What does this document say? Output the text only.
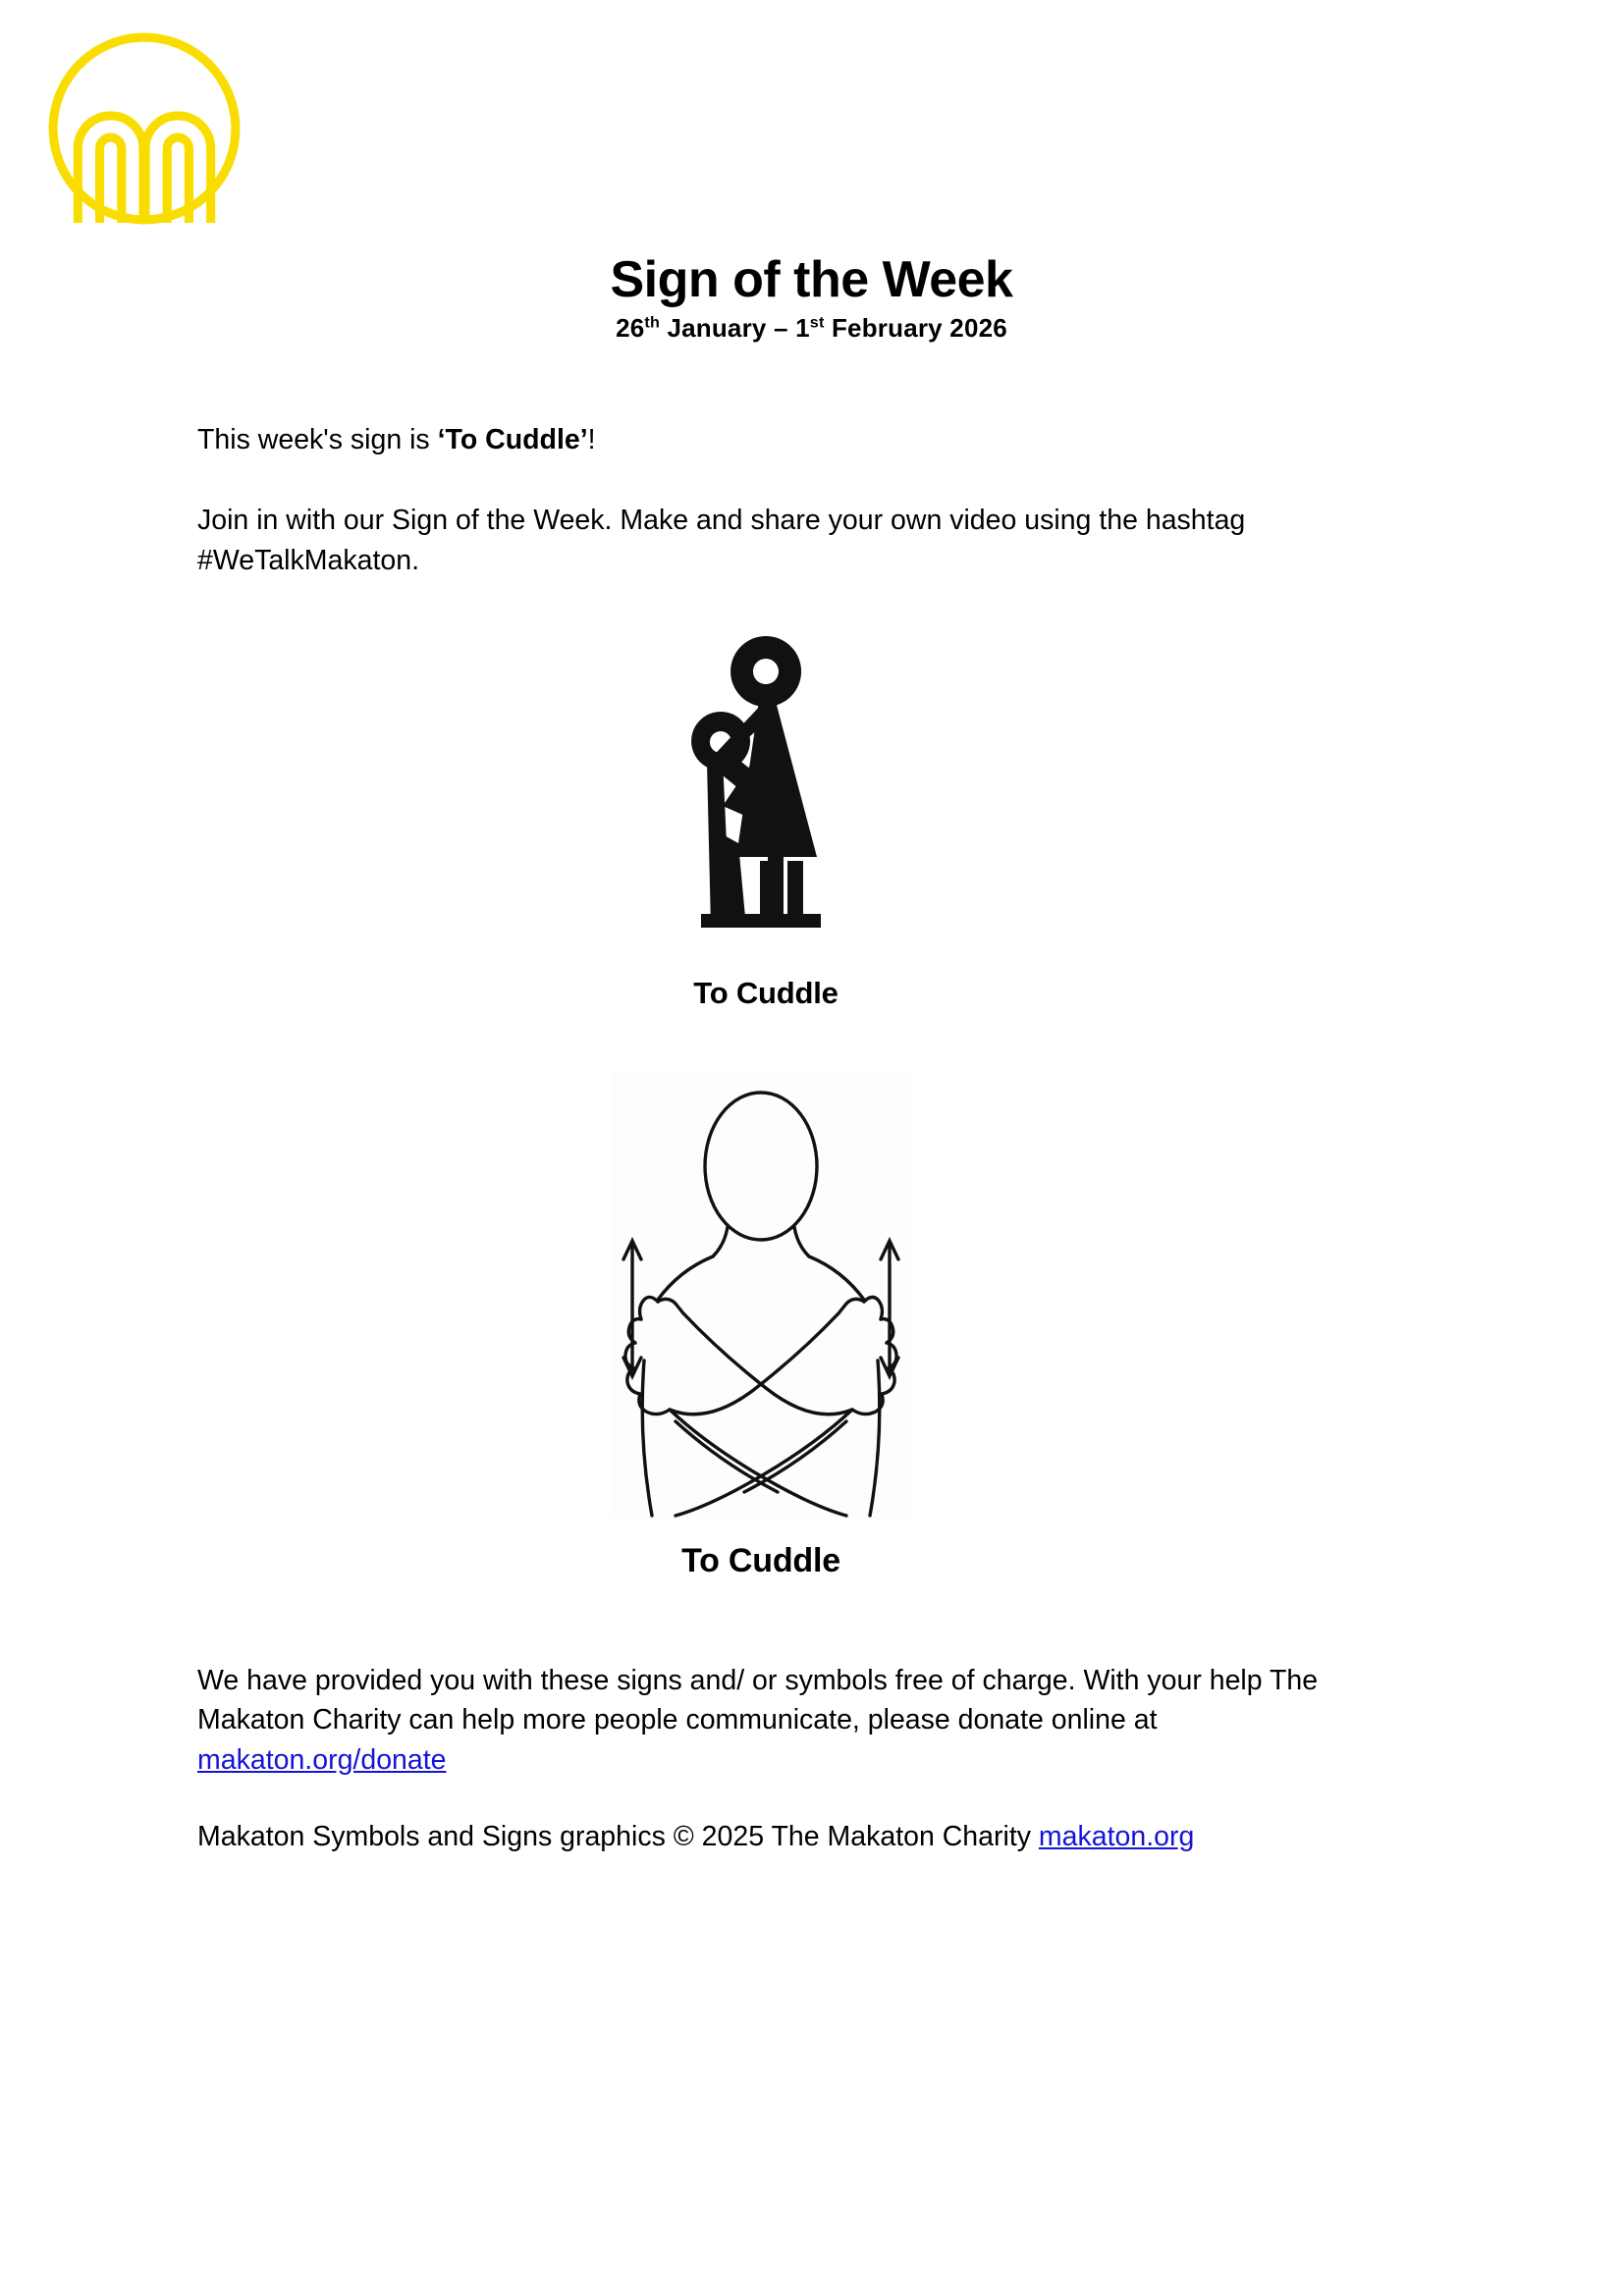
Sign of the Week
26th January – 1st February 2026

This week's sign is ‘To Cuddle’!

Join in with our Sign of the Week. Make and share your own video using the hashtag #WeTalkMakaton.

To Cuddle
To Cuddle

We have provided you with these signs and/ or symbols free of charge. With your help The Makaton Charity can help more people communicate, please donate online at
makaton.org/donate

Makaton Symbols and Signs graphics © 2025 The Makaton Charity makaton.org
